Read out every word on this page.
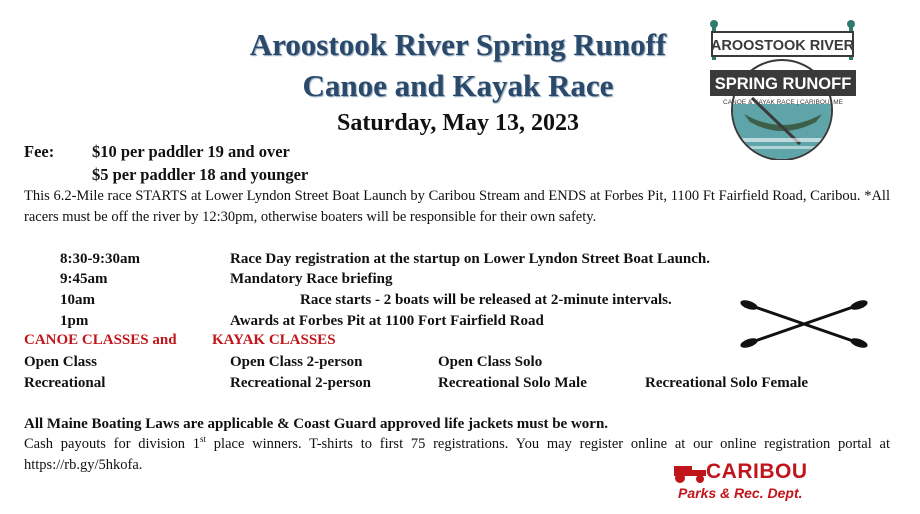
Aroostook River Spring Runoff
Canoe and Kayak Race
Saturday, May 13, 2023
AROOSTOOK RIVER
SPRING RUNOFF
CANOE & KAYAK RACE | CARIBOU, ME
Fee: $10 per paddler 19 and over
$5 per paddler 18 and younger
This 6.2-Mile race STARTS at Lower Lyndon Street Boat Launch by Caribou Stream and ENDS at Forbes Pit, 1100 Ft Fairfield Road, Caribou. *All racers must be off the river by 12:30pm, otherwise boaters will be responsible for their own safety.
8:30-9:30am	Race Day registration at the startup on Lower Lyndon Street Boat Launch.
9:45am	Mandatory Race briefing
10am	Race starts - 2 boats will be released at 2-minute intervals.
1pm	Awards at Forbes Pit at 1100 Fort Fairfield Road
CANOE CLASSES and KAYAK CLASSES
Open Class	Open Class 2-person	Open Class Solo
Recreational	Recreational 2-person	Recreational Solo Male	Recreational Solo Female
All Maine Boating Laws are applicable & Coast Guard approved life jackets must be worn.
Cash payouts for division 1st place winners. T-shirts to first 75 registrations. You may register online at our online registration portal at https://rb.gy/5hkofa.	CARIBOU
Parks & Rec. Dept.
